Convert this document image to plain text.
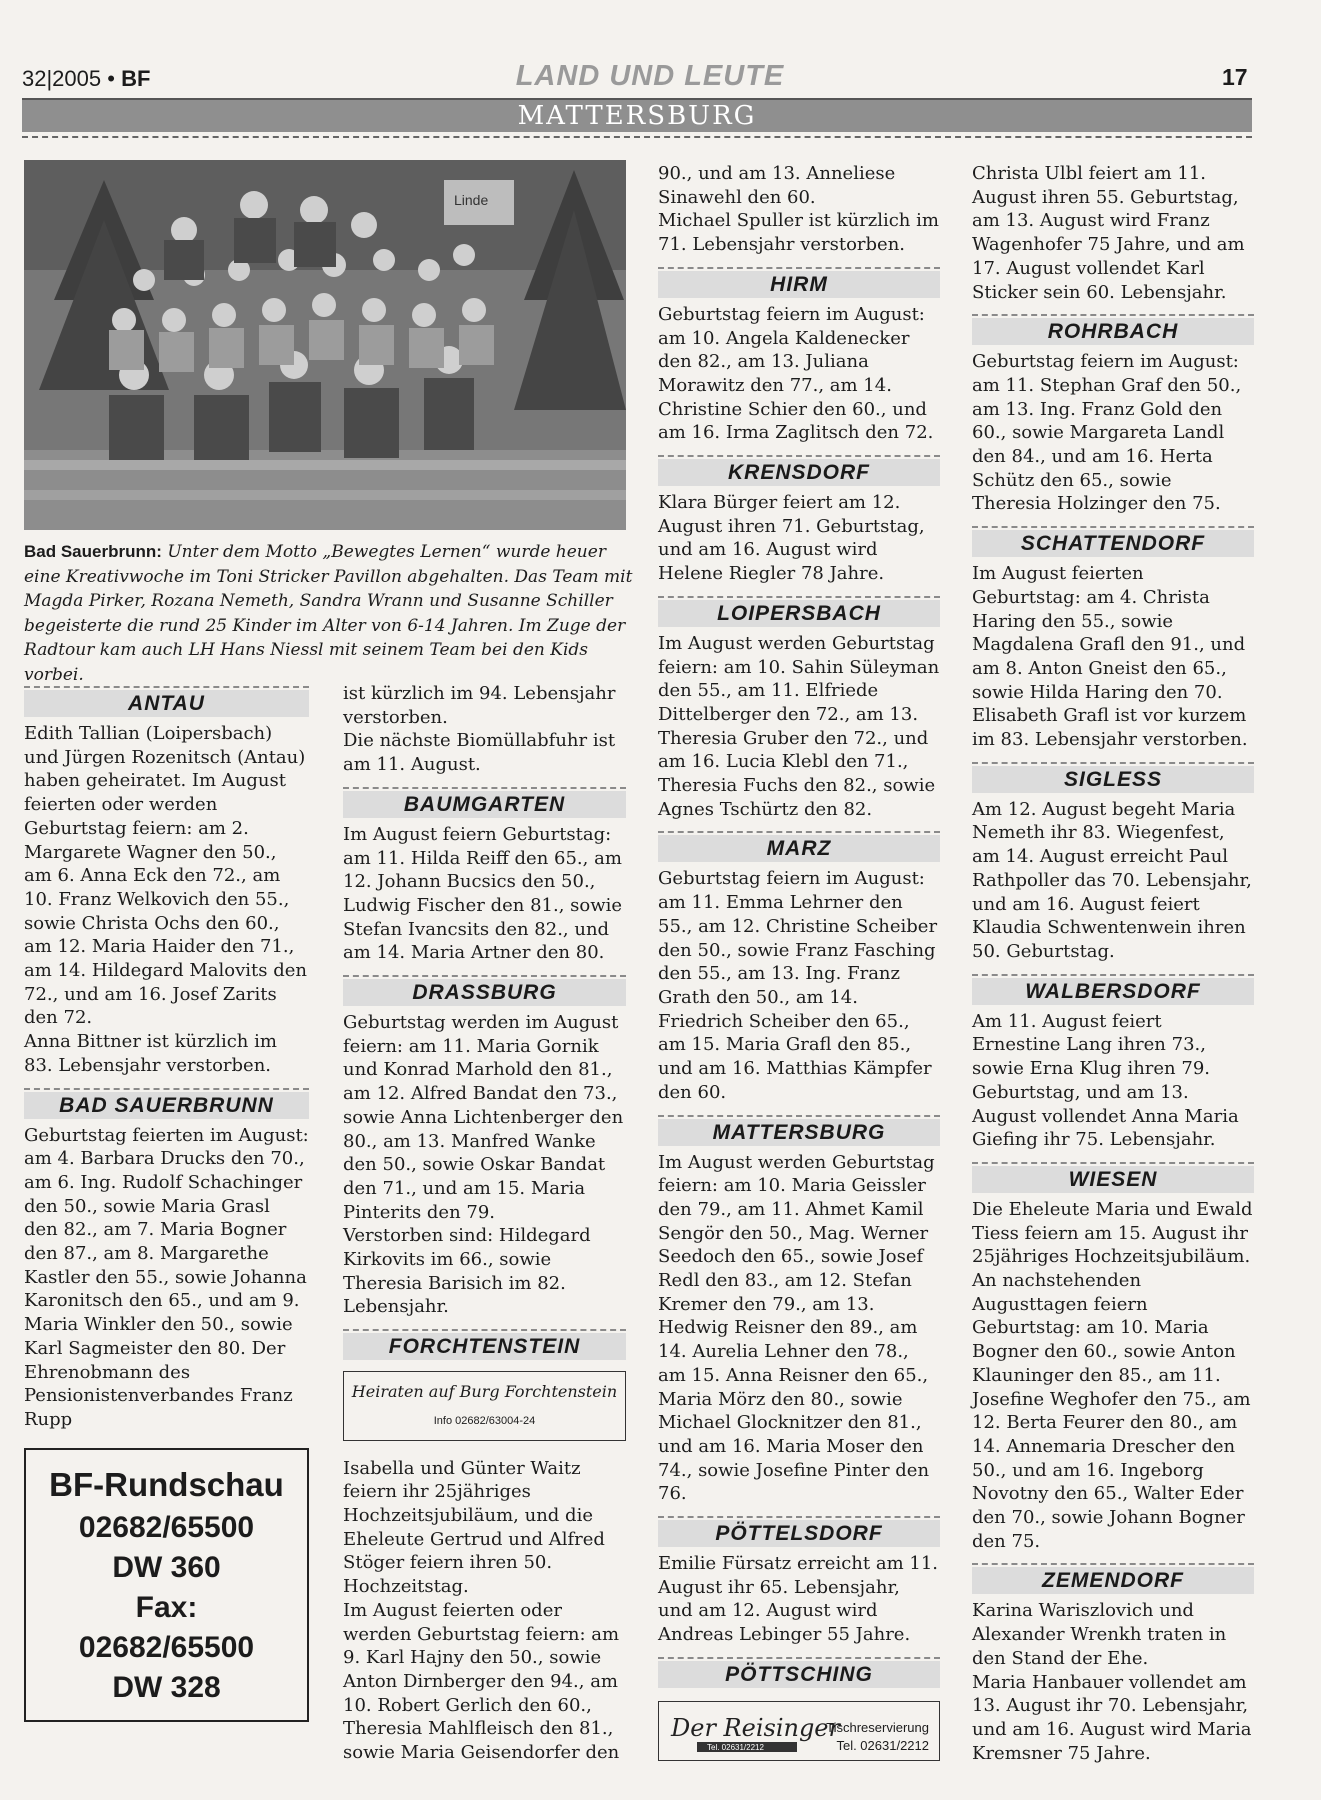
32|2005 • BF	LAND UND LEUTE	17
MATTERSBURG
Linde
Bad Sauerbrunn: Unter dem Motto „Bewegtes Lernen“ wurde heuer eine Kreativwoche im Toni Stricker Pavillon abgehalten. Das Team mit Magda Pirker, Rozana Nemeth, Sandra Wrann und Susanne Schiller begeisterte die rund 25 Kinder im Alter von 6-14 Jahren. Im Zuge der Radtour kam auch LH Hans Niessl mit seinem Team bei den Kids vorbei.
ANTAU

Edith Tallian (Loipersbach) und Jürgen Rozenitsch (Antau) haben geheiratet. Im August feierten oder werden Geburtstag feiern: am 2. Margarete Wagner den 50., am 6. Anna Eck den 72., am 10. Franz Welkovich den 55., sowie Christa Ochs den 60., am 12. Maria Haider den 71., am 14. Hildegard Malovits den 72., und am 16. Josef Zarits den 72.

Anna Bittner ist kürzlich im 83. Lebensjahr verstorben.

BAD SAUERBRUNN

Geburtstag feierten im August: am 4. Barbara Drucks den 70., am 6. Ing. Rudolf Schachinger den 50., sowie Maria Grasl den 82., am 7. Maria Bogner den 87., am 8. Margarethe Kastler den 55., sowie Johanna Karonitsch den 65., und am 9. Maria Winkler den 50., sowie Karl Sagmeister den 80. Der Ehrenobmann des Pensionistenverbandes Franz Rupp

BF-Rundschau
02682/65500
DW 360
Fax:
02682/65500
DW 328

ist kürzlich im 94. Lebensjahr verstorben.

Die nächste Biomüllabfuhr ist am 11. August.

BAUMGARTEN

Im August feiern Geburtstag: am 11. Hilda Reiff den 65., am 12. Johann Bucsics den 50., Ludwig Fischer den 81., sowie Stefan Ivancsits den 82., und am 14. Maria Artner den 80.

DRASSBURG

Geburtstag werden im August feiern: am 11. Maria Gornik und Konrad Marhold den 81., am 12. Alfred Bandat den 73., sowie Anna Lichtenberger den 80., am 13. Manfred Wanke den 50., sowie Oskar Bandat den 71., und am 15. Maria Pinterits den 79.

Verstorben sind: Hildegard Kirkovits im 66., sowie Theresia Barisich im 82. Lebensjahr.

FORCHTENSTEIN
Heiraten auf Burg Forchtenstein
Info 02682/63004-24

Isabella und Günter Waitz feiern ihr 25jähriges Hochzeitsjubiläum, und die Eheleute Gertrud und Alfred Stöger feiern ihren 50. Hochzeitstag.

Im August feierten oder werden Geburtstag feiern: am 9. Karl Hajny den 50., sowie Anton Dirnberger den 94., am 10. Robert Gerlich den 60., Theresia Mahlfleisch den 81., sowie Maria Geisendorfer den

90., und am 13. Anneliese Sinawehl den 60.

Michael Spuller ist kürzlich im 71. Lebensjahr verstorben.

HIRM

Geburtstag feiern im August: am 10. Angela Kaldenecker den 82., am 13. Juliana Morawitz den 77., am 14. Christine Schier den 60., und am 16. Irma Zaglitsch den 72.

KRENSDORF

Klara Bürger feiert am 12. August ihren 71. Geburtstag, und am 16. August wird Helene Riegler 78 Jahre.

LOIPERSBACH

Im August werden Geburtstag feiern: am 10. Sahin Süleyman den 55., am 11. Elfriede Dittelberger den 72., am 13. Theresia Gruber den 72., und am 16. Lucia Klebl den 71., Theresia Fuchs den 82., sowie Agnes Tschürtz den 82.

MARZ

Geburtstag feiern im August: am 11. Emma Lehrner den 55., am 12. Christine Scheiber den 50., sowie Franz Fasching den 55., am 13. Ing. Franz Grath den 50., am 14. Friedrich Scheiber den 65., am 15. Maria Grafl den 85., und am 16. Matthias Kämpfer den 60.

MATTERSBURG

Im August werden Geburtstag feiern: am 10. Maria Geissler den 79., am 11. Ahmet Kamil Sengör den 50., Mag. Werner Seedoch den 65., sowie Josef Redl den 83., am 12. Stefan Kremer den 79., am 13. Hedwig Reisner den 89., am 14. Aurelia Lehner den 78., am 15. Anna Reisner den 65., Maria Mörz den 80., sowie Michael Glocknitzer den 81., und am 16. Maria Moser den 74., sowie Josefine Pinter den 76.

PÖTTELSDORF

Emilie Fürsatz erreicht am 11. August ihr 65. Lebensjahr, und am 12. August wird Andreas Lebinger 55 Jahre.

PÖTTSCHING
Der Reisinger
Tel. 02631/2212
Tischreservierung
Tel. 02631/2212

Christa Ulbl feiert am 11. August ihren 55. Geburtstag, am 13. August wird Franz Wagenhofer 75 Jahre, und am 17. August vollendet Karl Sticker sein 60. Lebensjahr.

ROHRBACH

Geburtstag feiern im August: am 11. Stephan Graf den 50., am 13. Ing. Franz Gold den 60., sowie Margareta Landl den 84., und am 16. Herta Schütz den 65., sowie Theresia Holzinger den 75.

SCHATTENDORF

Im August feierten Geburtstag: am 4. Christa Haring den 55., sowie Magdalena Grafl den 91., und am 8. Anton Gneist den 65., sowie Hilda Haring den 70.

Elisabeth Grafl ist vor kurzem im 83. Lebensjahr verstorben.

SIGLESS

Am 12. August begeht Maria Nemeth ihr 83. Wiegenfest, am 14. August erreicht Paul Rathpoller das 70. Lebensjahr, und am 16. August feiert Klaudia Schwentenwein ihren 50. Geburtstag.

WALBERSDORF

Am 11. August feiert Ernestine Lang ihren 73., sowie Erna Klug ihren 79. Geburtstag, und am 13. August vollendet Anna Maria Giefing ihr 75. Lebensjahr.

WIESEN

Die Eheleute Maria und Ewald Tiess feiern am 15. August ihr 25jähriges Hochzeitsjubiläum. An nachstehenden Augusttagen feiern Geburtstag: am 10. Maria Bogner den 60., sowie Anton Klauninger den 85., am 11. Josefine Weghofer den 75., am 12. Berta Feurer den 80., am 14. Annemaria Drescher den 50., und am 16. Ingeborg Novotny den 65., Walter Eder den 70., sowie Johann Bogner den 75.

ZEMENDORF

Karina Wariszlovich und Alexander Wrenkh traten in den Stand der Ehe.

Maria Hanbauer vollendet am 13. August ihr 70. Lebensjahr, und am 16. August wird Maria Kremsner 75 Jahre.
